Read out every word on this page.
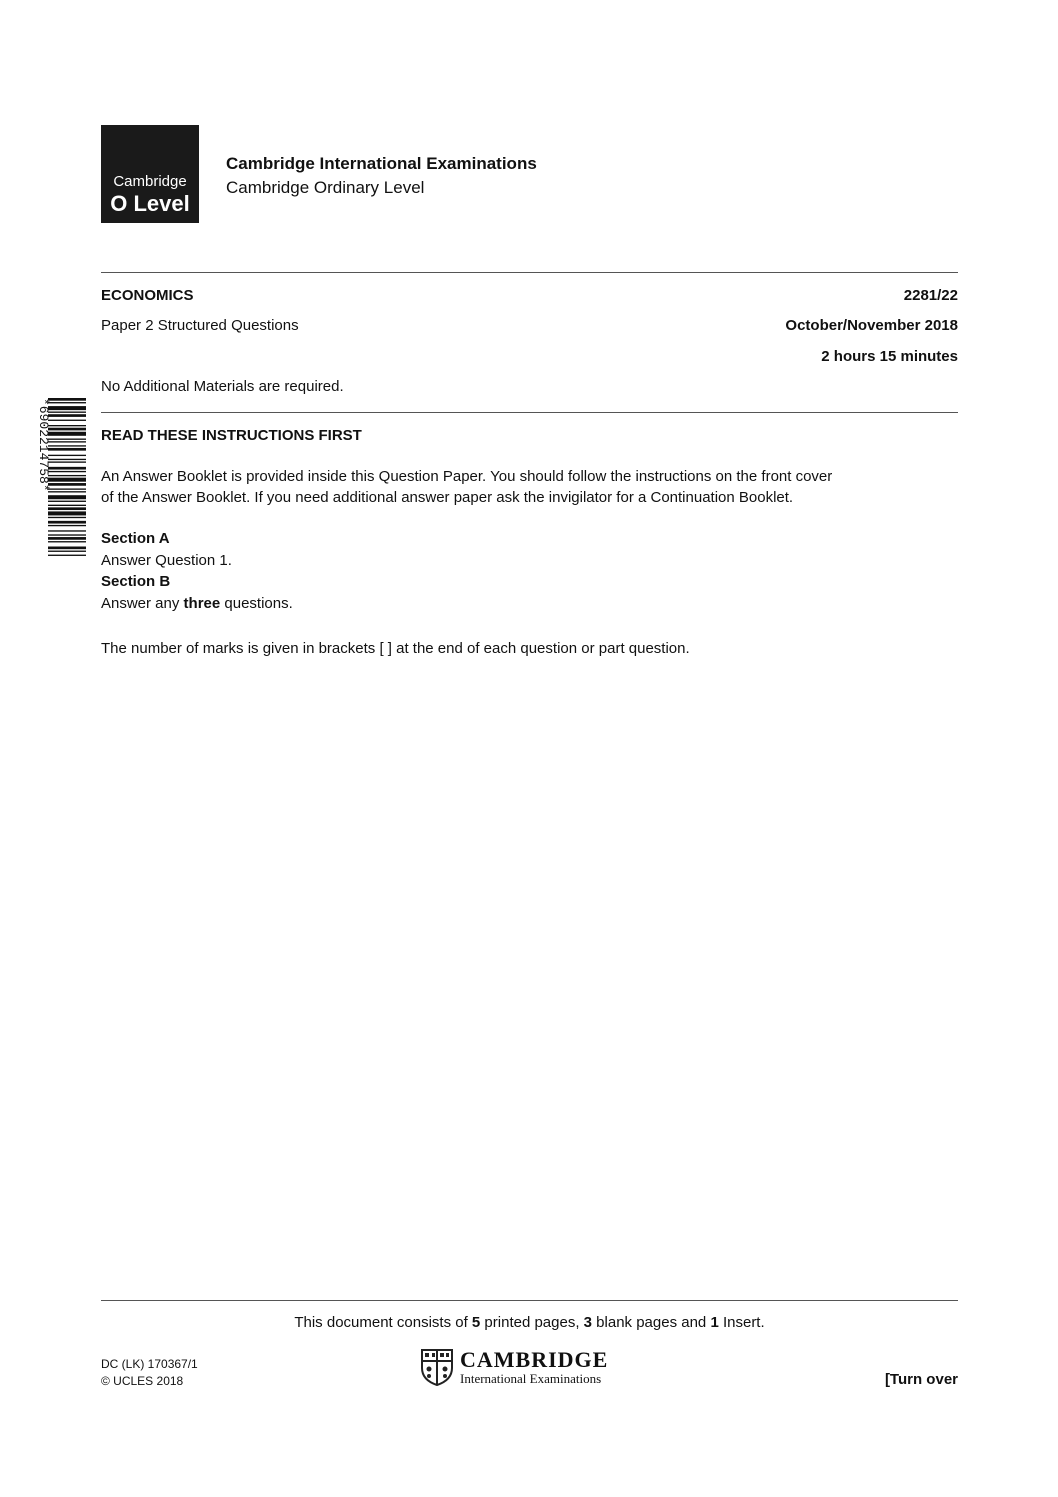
Cambridge
O Level
Cambridge International Examinations
Cambridge Ordinary Level
ECONOMICS	2281/22
Paper 2 Structured Questions	October/November 2018
2 hours 15 minutes
No Additional Materials are required.
*6902214758*	READ THESE INSTRUCTIONS FIRST
An Answer Booklet is provided inside this Question Paper. You should follow the instructions on the front cover
of the Answer Booklet. If you need additional answer paper ask the invigilator for a Continuation Booklet.
Section A
Answer Question 1.
Section B
Answer any three questions.
The number of marks is given in brackets [ ] at the end of each question or part question.
This document consists of 5 printed pages, 3 blank pages and 1 Insert.
DC (LK) 170367/1
© UCLES 2018
CAMBRIDGE
International Examinations	[Turn over
